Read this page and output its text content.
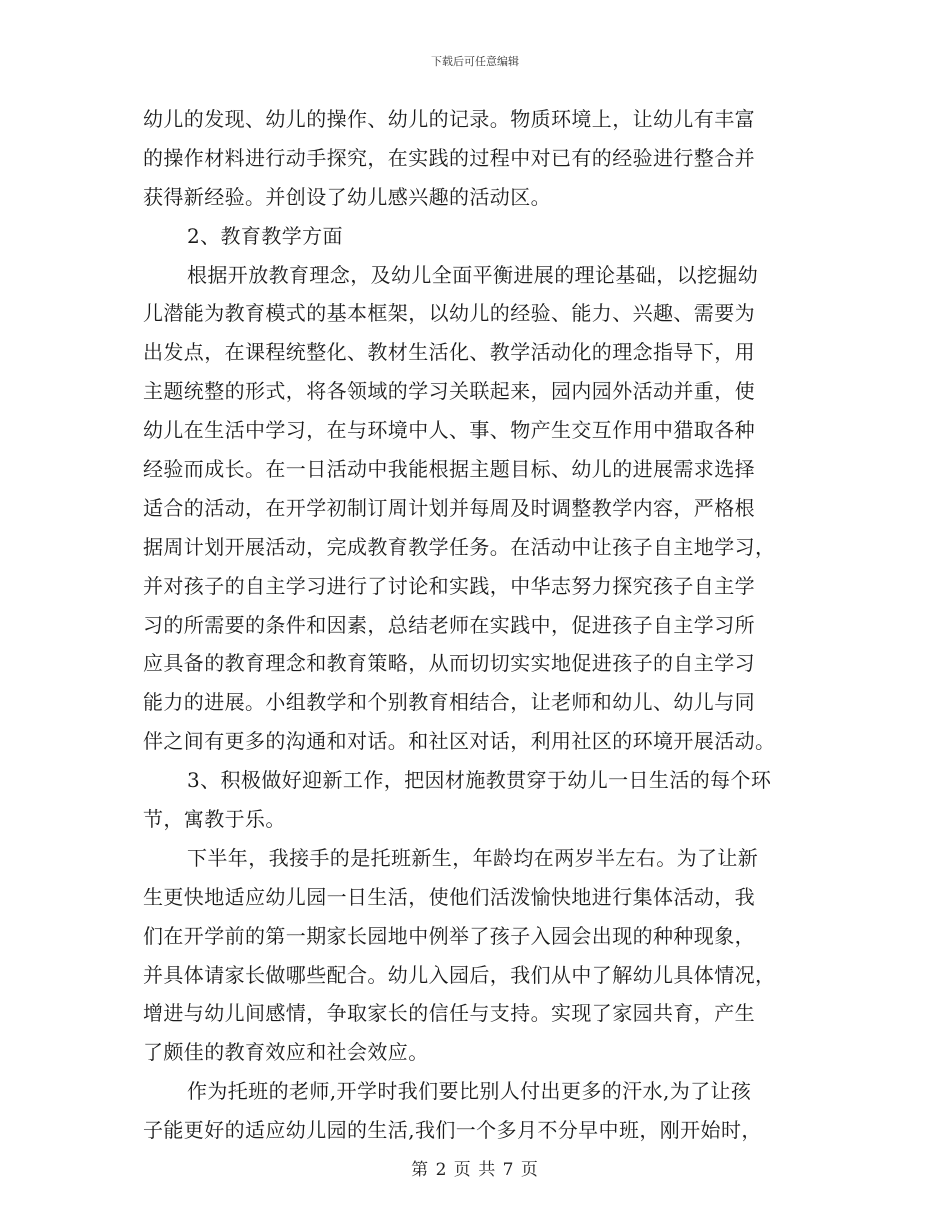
下载后可任意编辑
幼儿的发现、幼儿的操作、幼儿的记录。物质环境上，让幼儿有丰富
的操作材料进行动手探究，在实践的过程中对已有的经验进行整合并
获得新经验。并创设了幼儿感兴趣的活动区。
2、教育教学方面
根据开放教育理念，及幼儿全面平衡进展的理论基础，以挖掘幼
儿潜能为教育模式的基本框架，以幼儿的经验、能力、兴趣、需要为
出发点，在课程统整化、教材生活化、教学活动化的理念指导下，用
主题统整的形式，将各领域的学习关联起来，园内园外活动并重，使
幼儿在生活中学习，在与环境中人、事、物产生交互作用中猎取各种
经验而成长。在一日活动中我能根据主题目标、幼儿的进展需求选择
适合的活动，在开学初制订周计划并每周及时调整教学内容，严格根
据周计划开展活动，完成教育教学任务。在活动中让孩子自主地学习，
并对孩子的自主学习进行了讨论和实践，中华志努力探究孩子自主学
习的所需要的条件和因素，总结老师在实践中，促进孩子自主学习所
应具备的教育理念和教育策略，从而切切实实地促进孩子的自主学习
能力的进展。小组教学和个别教育相结合，让老师和幼儿、幼儿与同
伴之间有更多的沟通和对话。和社区对话，利用社区的环境开展活动。
3、积极做好迎新工作，把因材施教贯穿于幼儿一日生活的每个环
节，寓教于乐。
下半年，我接手的是托班新生，年龄均在两岁半左右。为了让新
生更快地适应幼儿园一日生活，使他们活泼愉快地进行集体活动，我
们在开学前的第一期家长园地中例举了孩子入园会出现的种种现象，
并具体请家长做哪些配合。幼儿入园后，我们从中了解幼儿具体情况，
增进与幼儿间感情，争取家长的信任与支持。实现了家园共育，产生
了颇佳的教育效应和社会效应。
作为托班的老师,开学时我们要比别人付出更多的汗水,为了让孩
子能更好的适应幼儿园的生活,我们一个多月不分早中班，刚开始时，
第 2 页 共 7 页
